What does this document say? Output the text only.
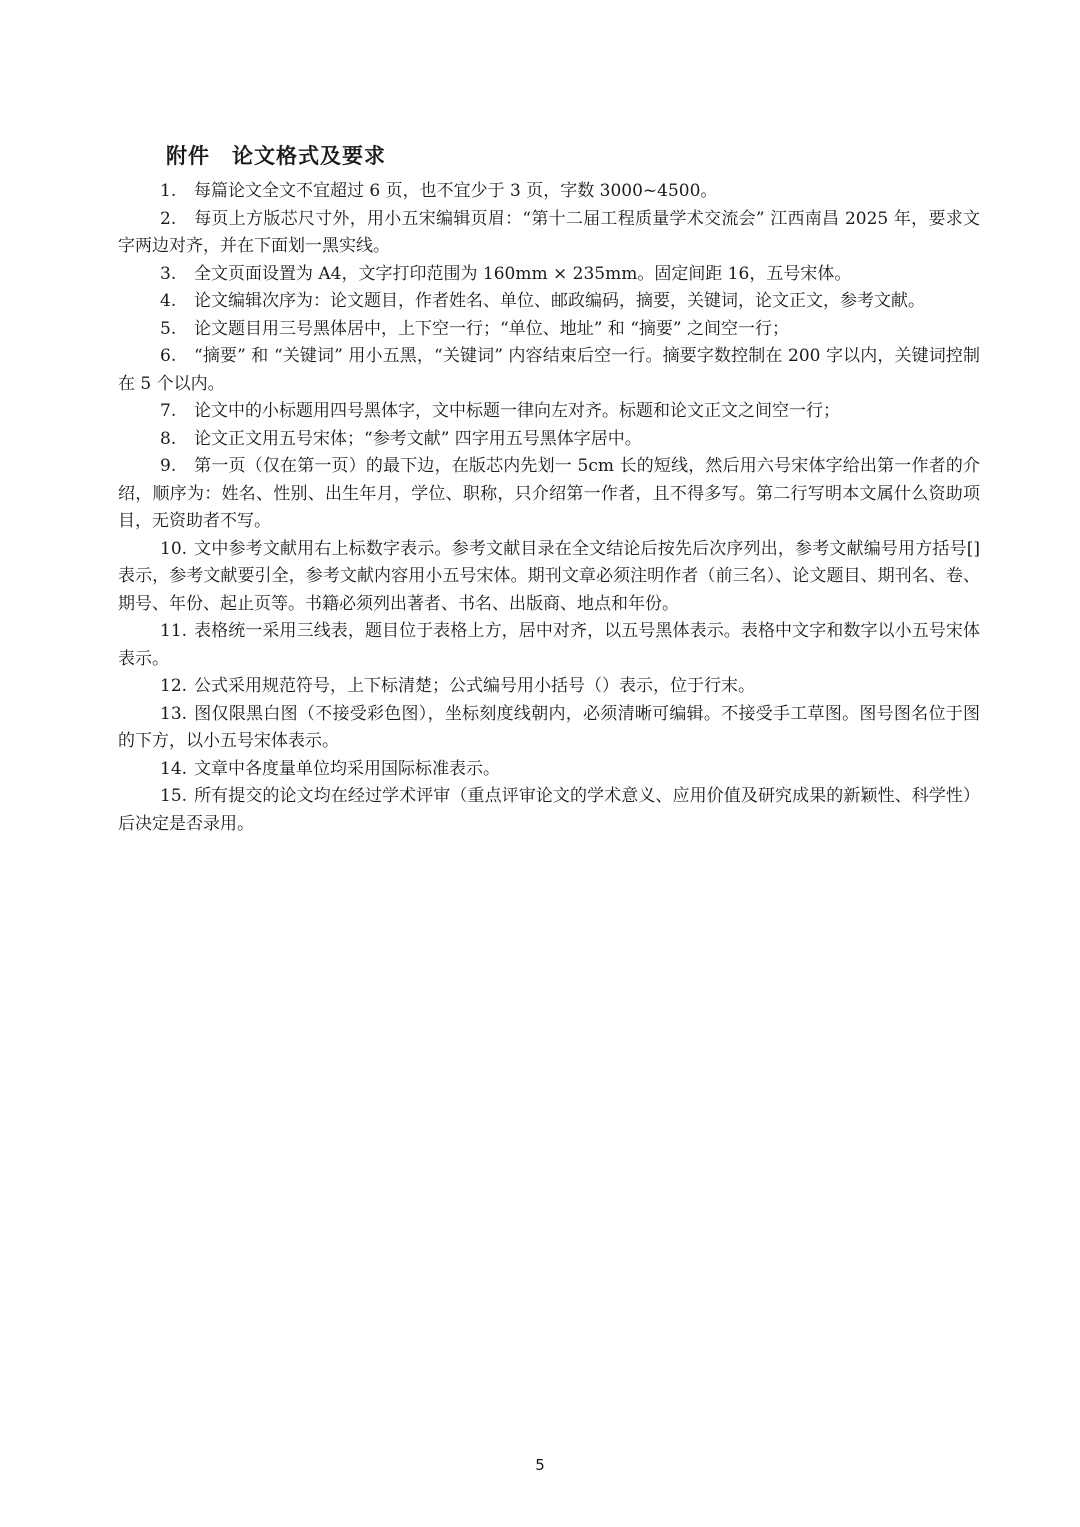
附件 论文格式及要求

1. 每篇论文全文不宜超过 6 页，也不宜少于 3 页，字数 3000~4500。

2. 每页上方版芯尺寸外，用小五宋编辑页眉：“第十二届工程质量学术交流会” 江西南昌 2025 年，要求文字两边对齐，并在下面划一黑实线。

3. 全文页面设置为 A4，文字打印范围为 160mm × 235mm。固定间距 16，五号宋体。

4. 论文编辑次序为：论文题目，作者姓名、单位、邮政编码，摘要，关键词，论文正文，参考文献。

5. 论文题目用三号黑体居中，上下空一行；“单位、地址” 和 “摘要” 之间空一行；

6. “摘要” 和 “关键词” 用小五黑，“关键词” 内容结束后空一行。摘要字数控制在 200 字以内，关键词控制在 5 个以内。

7. 论文中的小标题用四号黑体字，文中标题一律向左对齐。标题和论文正文之间空一行；

8. 论文正文用五号宋体；“参考文献” 四字用五号黑体字居中。

9. 第一页（仅在第一页）的最下边，在版芯内先划一 5cm 长的短线，然后用六号宋体字给出第一作者的介绍，顺序为：姓名、性别、出生年月，学位、职称，只介绍第一作者，且不得多写。第二行写明本文属什么资助项目，无资助者不写。

10. 文中参考文献用右上标数字表示。参考文献目录在全文结论后按先后次序列出，参考文献编号用方括号[]表示，参考文献要引全，参考文献内容用小五号宋体。期刊文章必须注明作者（前三名）、论文题目、期刊名、卷、期号、年份、起止页等。书籍必须列出著者、书名、出版商、地点和年份。

11. 表格统一采用三线表，题目位于表格上方，居中对齐，以五号黑体表示。表格中文字和数字以小五号宋体表示。

12. 公式采用规范符号，上下标清楚；公式编号用小括号（）表示，位于行末。

13. 图仅限黑白图（不接受彩色图），坐标刻度线朝内，必须清晰可编辑。不接受手工草图。图号图名位于图的下方，以小五号宋体表示。

14. 文章中各度量单位均采用国际标准表示。

15. 所有提交的论文均在经过学术评审（重点评审论文的学术意义、应用价值及研究成果的新颖性、科学性）后决定是否录用。

5
